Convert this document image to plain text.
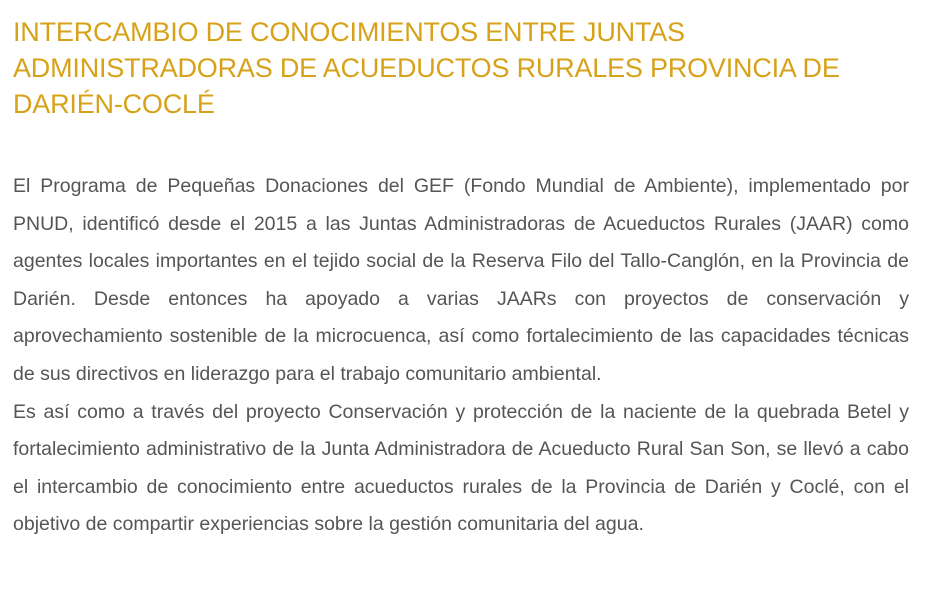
INTERCAMBIO DE CONOCIMIENTOS ENTRE JUNTAS ADMINISTRADORAS DE ACUEDUCTOS RURALES PROVINCIA DE DARIÉN-COCLÉ

El Programa de Pequeñas Donaciones del GEF (Fondo Mundial de Ambiente), implementado por PNUD, identificó desde el 2015 a las Juntas Administradoras de Acueductos Rurales (JAAR) como agentes locales importantes en el tejido social de la Reserva Filo del Tallo-Canglón, en la Provincia de Darién. Desde entonces ha apoyado a varias JAARs con proyectos de conservación y aprovechamiento sostenible de la microcuenca, así como fortalecimiento de las capacidades técnicas de sus directivos en liderazgo para el trabajo comunitario ambiental.

Es así como a través del proyecto Conservación y protección de la naciente de la quebrada Betel y fortalecimiento administrativo de la Junta Administradora de Acueducto Rural San Son, se llevó a cabo el intercambio de conocimiento entre acueductos rurales de la Provincia de Darién y Coclé, con el objetivo de compartir experiencias sobre la gestión comunitaria del agua.
